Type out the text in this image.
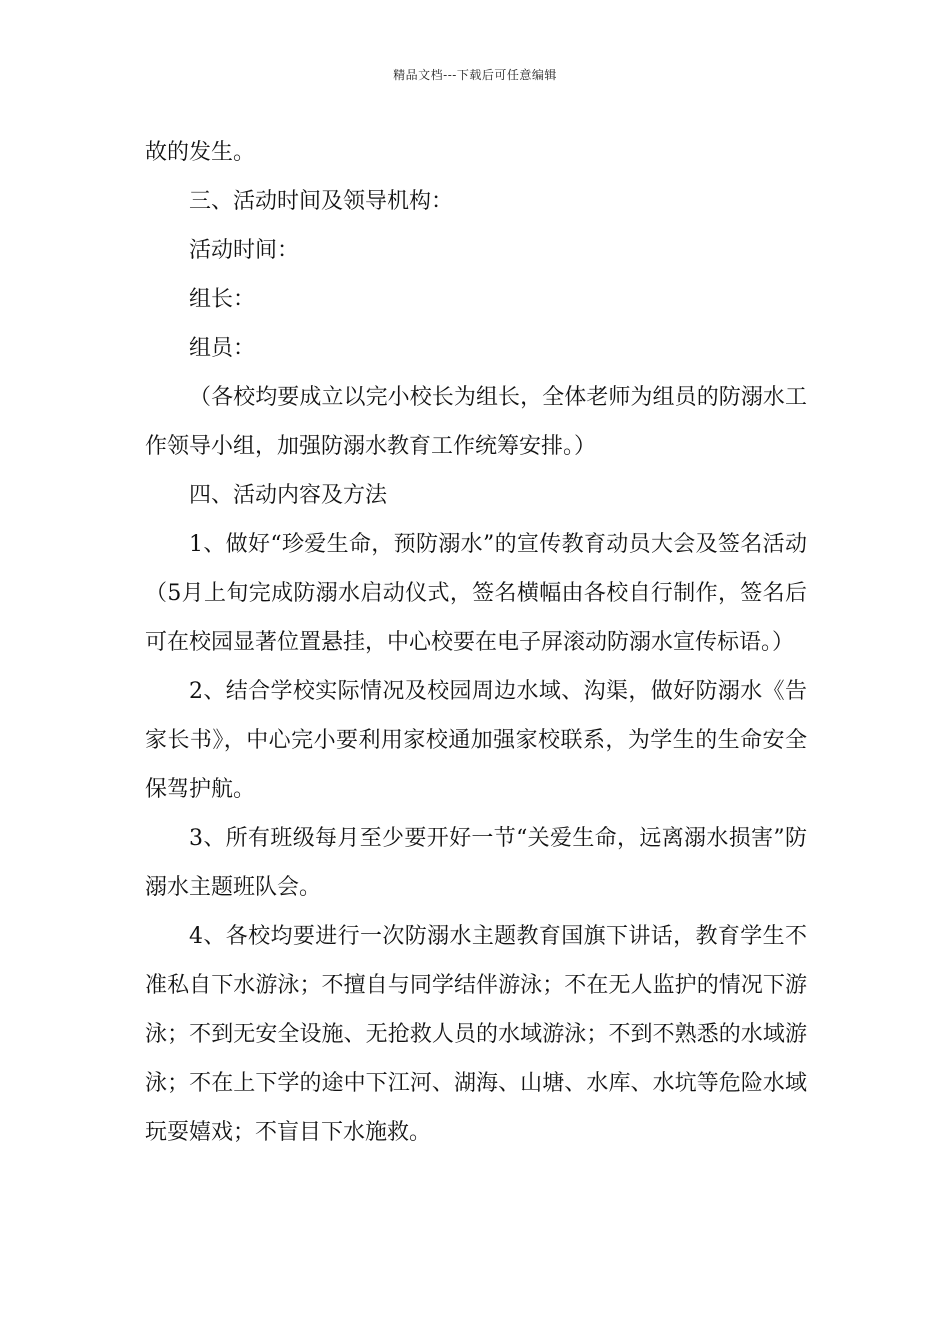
精品文档---下载后可任意编辑

故的发生。

三、活动时间及领导机构：

活动时间：

组长：

组员：

（各校均要成立以完小校长为组长，全体老师为组员的防溺水工作领导小组，加强防溺水教育工作统筹安排。）

四、活动内容及方法

1、做好“珍爱生命，预防溺水”的宣传教育动员大会及签名活动（5月上旬完成防溺水启动仪式，签名横幅由各校自行制作，签名后可在校园显著位置悬挂，中心校要在电子屏滚动防溺水宣传标语。）

2、结合学校实际情况及校园周边水域、沟渠，做好防溺水《告家长书》，中心完小要利用家校通加强家校联系，为学生的生命安全保驾护航。

3、所有班级每月至少要开好一节“关爱生命，远离溺水损害”防溺水主题班队会。

4、各校均要进行一次防溺水主题教育国旗下讲话，教育学生不准私自下水游泳；不擅自与同学结伴游泳；不在无人监护的情况下游泳；不到无安全设施、无抢救人员的水域游泳；不到不熟悉的水域游泳；不在上下学的途中下江河、湖海、山塘、水库、水坑等危险水域玩耍嬉戏；不盲目下水施救。
